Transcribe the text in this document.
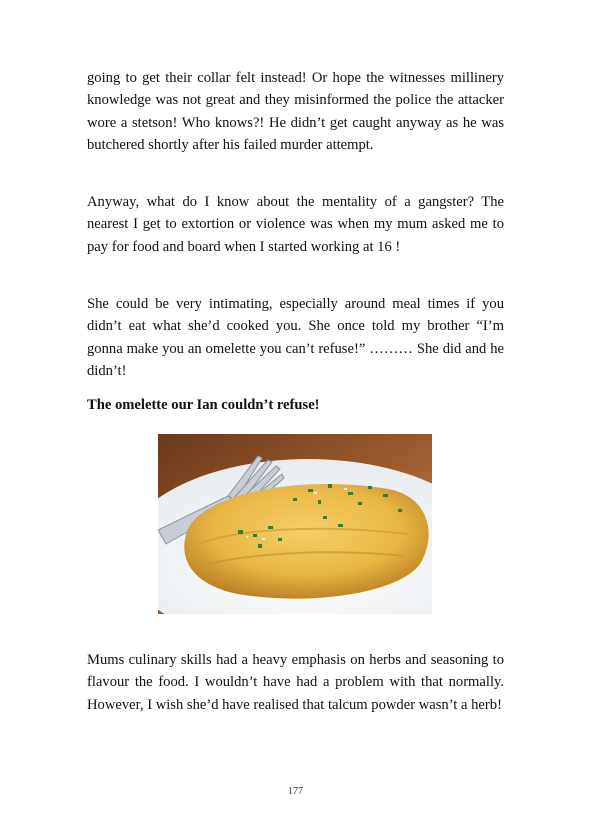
going to get their collar felt instead! Or hope the witnesses millinery knowledge was not great and they misinformed the police the attacker wore a stetson! Who knows?! He didn’t get caught anyway as he was butchered shortly after his failed murder attempt.

Anyway, what do I know about the mentality of a gangster? The nearest I get to extortion or violence was when my mum asked me to pay for food and board when I started working at 16 !

She could be very intimating, especially around meal times if you didn’t eat what she’d cooked you. She once told my brother “I’m gonna make you an omelette you can’t refuse!” ……… She did and he didn’t!

The omelette our Ian couldn’t refuse!

Mums culinary skills had a heavy emphasis on herbs and seasoning to flavour the food. I wouldn’t have had a problem with that normally. However, I wish she’d have realised that talcum powder wasn’t a herb!

177
